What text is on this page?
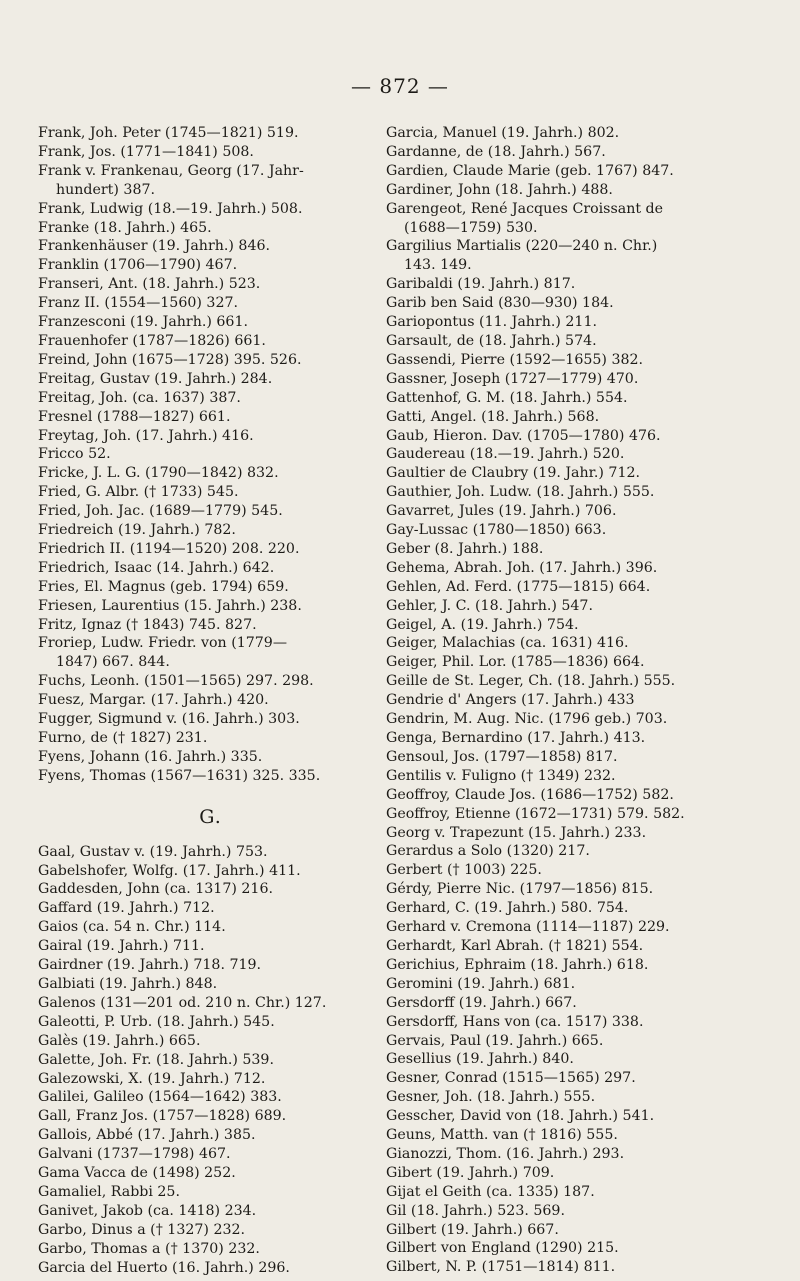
— 872 —
Frank, Joh. Peter (1745—1821) 519.
Frank, Jos. (1771—1841) 508.
Frank v. Frankenau, Georg (17. Jahr-
hundert) 387.
Frank, Ludwig (18.—19. Jahrh.) 508.
Franke (18. Jahrh.) 465.
Frankenhäuser (19. Jahrh.) 846.
Franklin (1706—1790) 467.
Franseri, Ant. (18. Jahrh.) 523.
Franz II. (1554—1560) 327.
Franzesconi (19. Jahrh.) 661.
Frauenhofer (1787—1826) 661.
Freind, John (1675—1728) 395. 526.
Freitag, Gustav (19. Jahrh.) 284.
Freitag, Joh. (ca. 1637) 387.
Fresnel (1788—1827) 661.
Freytag, Joh. (17. Jahrh.) 416.
Fricco 52.
Fricke, J. L. G. (1790—1842) 832.
Fried, G. Albr. († 1733) 545.
Fried, Joh. Jac. (1689—1779) 545.
Friedreich (19. Jahrh.) 782.
Friedrich II. (1194—1520) 208. 220.
Friedrich, Isaac (14. Jahrh.) 642.
Fries, El. Magnus (geb. 1794) 659.
Friesen, Laurentius (15. Jahrh.) 238.
Fritz, Ignaz († 1843) 745. 827.
Froriep, Ludw. Friedr. von (1779—
1847) 667. 844.
Fuchs, Leonh. (1501—1565) 297. 298.
Fuesz, Margar. (17. Jahrh.) 420.
Fugger, Sigmund v. (16. Jahrh.) 303.
Furno, de († 1827) 231.
Fyens, Johann (16. Jahrh.) 335.
Fyens, Thomas (1567—1631) 325. 335.
G.
Gaal, Gustav v. (19. Jahrh.) 753.
Gabelshofer, Wolfg. (17. Jahrh.) 411.
Gaddesden, John (ca. 1317) 216.
Gaffard (19. Jahrh.) 712.
Gaios (ca. 54 n. Chr.) 114.
Gairal (19. Jahrh.) 711.
Gairdner (19. Jahrh.) 718. 719.
Galbiati (19. Jahrh.) 848.
Galenos (131—201 od. 210 n. Chr.) 127.
Galeotti, P. Urb. (18. Jahrh.) 545.
Galès (19. Jahrh.) 665.
Galette, Joh. Fr. (18. Jahrh.) 539.
Galezowski, X. (19. Jahrh.) 712.
Galilei, Galileo (1564—1642) 383.
Gall, Franz Jos. (1757—1828) 689.
Gallois, Abbé (17. Jahrh.) 385.
Galvani (1737—1798) 467.
Gama Vacca de (1498) 252.
Gamaliel, Rabbi 25.
Ganivet, Jakob (ca. 1418) 234.
Garbo, Dinus a († 1327) 232.
Garbo, Thomas a († 1370) 232.
Garcia del Huerto (16. Jahrh.) 296.
Garcia, Manuel (19. Jahrh.) 802.
Gardanne, de (18. Jahrh.) 567.
Gardien, Claude Marie (geb. 1767) 847.
Gardiner, John (18. Jahrh.) 488.
Garengeot, René Jacques Croissant de
(1688—1759) 530.
Gargilius Martialis (220—240 n. Chr.)
143. 149.
Garibaldi (19. Jahrh.) 817.
Garib ben Said (830—930) 184.
Gariopontus (11. Jahrh.) 211.
Garsault, de (18. Jahrh.) 574.
Gassendi, Pierre (1592—1655) 382.
Gassner, Joseph (1727—1779) 470.
Gattenhof, G. M. (18. Jahrh.) 554.
Gatti, Angel. (18. Jahrh.) 568.
Gaub, Hieron. Dav. (1705—1780) 476.
Gaudereau (18.—19. Jahrh.) 520.
Gaultier de Claubry (19. Jahr.) 712.
Gauthier, Joh. Ludw. (18. Jahrh.) 555.
Gavarret, Jules (19. Jahrh.) 706.
Gay-Lussac (1780—1850) 663.
Geber (8. Jahrh.) 188.
Gehema, Abrah. Joh. (17. Jahrh.) 396.
Gehlen, Ad. Ferd. (1775—1815) 664.
Gehler, J. C. (18. Jahrh.) 547.
Geigel, A. (19. Jahrh.) 754.
Geiger, Malachias (ca. 1631) 416.
Geiger, Phil. Lor. (1785—1836) 664.
Geille de St. Leger, Ch. (18. Jahrh.) 555.
Gendrie d' Angers (17. Jahrh.) 433
Gendrin, M. Aug. Nic. (1796 geb.) 703.
Genga, Bernardino (17. Jahrh.) 413.
Gensoul, Jos. (1797—1858) 817.
Gentilis v. Fuligno († 1349) 232.
Geoffroy, Claude Jos. (1686—1752) 582.
Geoffroy, Etienne (1672—1731) 579. 582.
Georg v. Trapezunt (15. Jahrh.) 233.
Gerardus a Solo (1320) 217.
Gerbert († 1003) 225.
Gérdy, Pierre Nic. (1797—1856) 815.
Gerhard, C. (19. Jahrh.) 580. 754.
Gerhard v. Cremona (1114—1187) 229.
Gerhardt, Karl Abrah. († 1821) 554.
Gerichius, Ephraim (18. Jahrh.) 618.
Geromini (19. Jahrh.) 681.
Gersdorff (19. Jahrh.) 667.
Gersdorff, Hans von (ca. 1517) 338.
Gervais, Paul (19. Jahrh.) 665.
Gesellius (19. Jahrh.) 840.
Gesner, Conrad (1515—1565) 297.
Gesner, Joh. (18. Jahrh.) 555.
Gesscher, David von (18. Jahrh.) 541.
Geuns, Matth. van († 1816) 555.
Gianozzi, Thom. (16. Jahrh.) 293.
Gibert (19. Jahrh.) 709.
Gijat el Geith (ca. 1335) 187.
Gil (18. Jahrh.) 523. 569.
Gilbert (19. Jahrh.) 667.
Gilbert von England (1290) 215.
Gilbert, N. P. (1751—1814) 811.
